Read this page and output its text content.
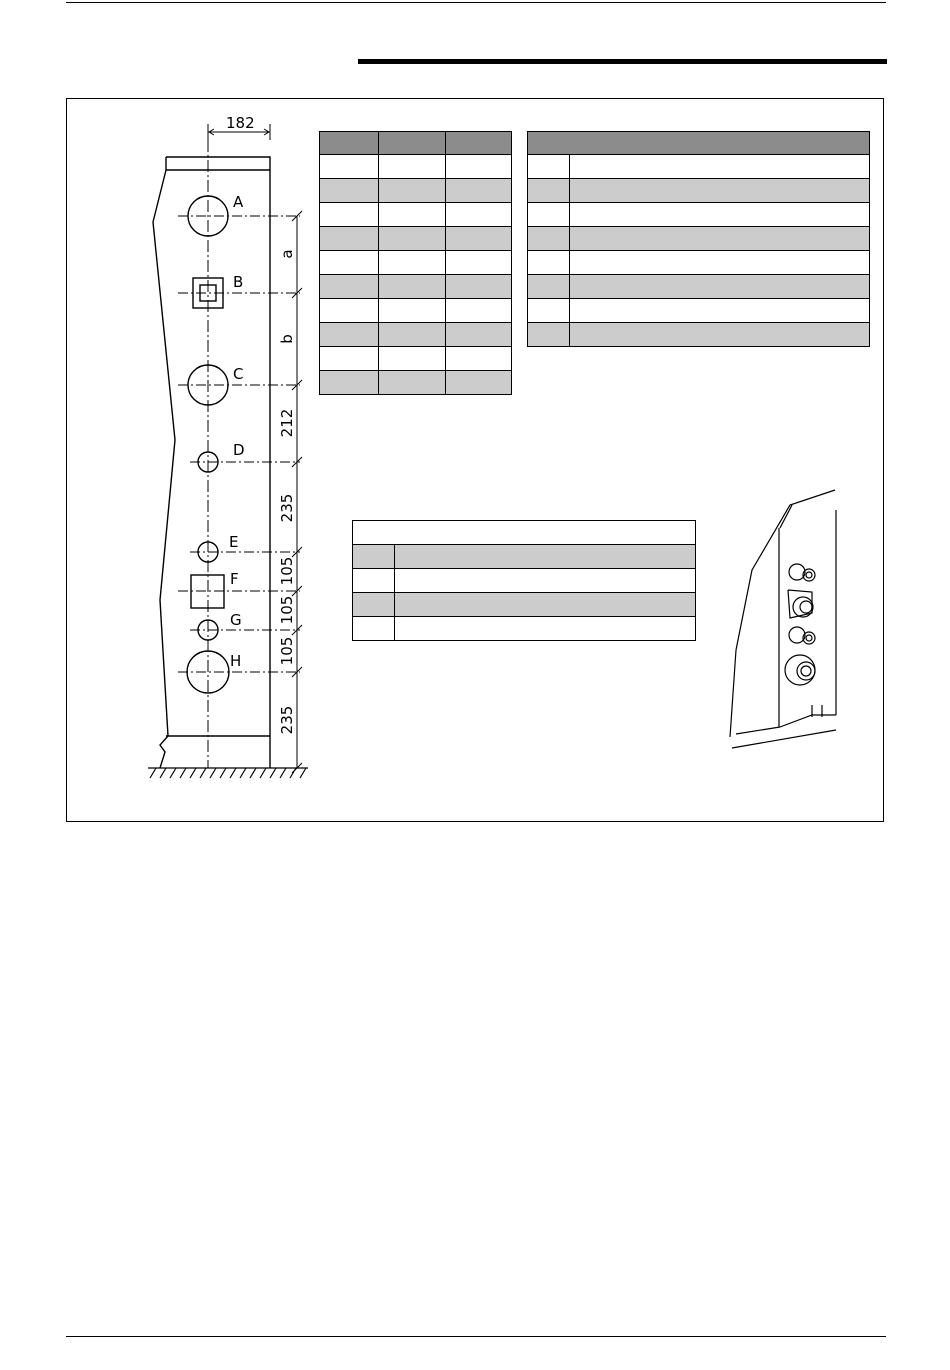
182
A
B
C
D
E
F
G
H
a
b
212
235
105
105
105
235
